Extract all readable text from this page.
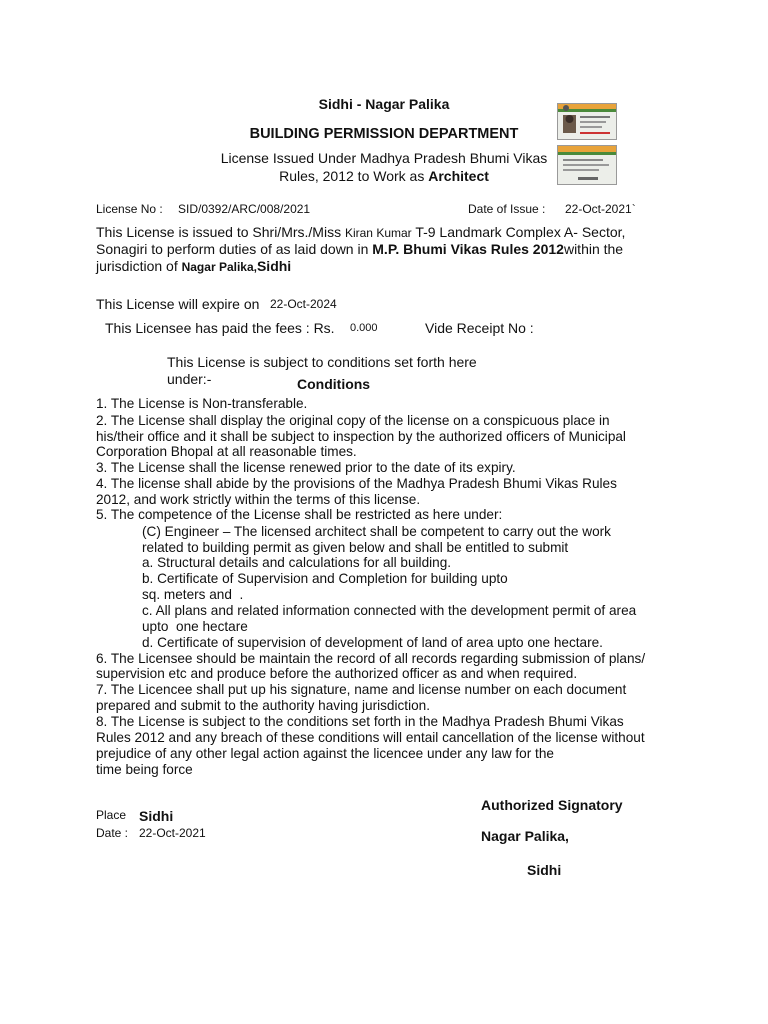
Sidhi - Nagar Palika
BUILDING PERMISSION DEPARTMENT
License Issued Under Madhya Pradesh Bhumi Vikas
Rules, 2012 to Work as Architect
License No : SID/0392/ARC/008/2021	Date of Issue : 22-Oct-2021`
This License is issued to Shri/Mrs./Miss Kiran Kumar T-9 Landmark Complex A- Sector,
Sonagiri to perform duties of as laid down in M.P. Bhumi Vikas Rules 2012within the
jurisdiction of Nagar Palika,Sidhi
This License will expire on 22-Oct-2024
This Licensee has paid the fees : Rs. 0.000	Vide Receipt No :
This License is subject to conditions set forth here
under:-	Conditions
1. The License is Non-transferable.
2. The License shall display the original copy of the license on a conspicuous place in
his/their office and it shall be subject to inspection by the authorized officers of Municipal
Corporation Bhopal at all reasonable times.
3. The License shall the license renewed prior to the date of its expiry.
4. The license shall abide by the provisions of the Madhya Pradesh Bhumi Vikas Rules
2012, and work strictly within the terms of this license.
5. The competence of the License shall be restricted as here under:
(C) Engineer – The licensed architect shall be competent to carry out the work
related to building permit as given below and shall be entitled to submit
a. Structural details and calculations for all building.
b. Certificate of Supervision and Completion for building upto
sq. meters and  .
c. All plans and related information connected with the development permit of area
upto  one hectare
d. Certificate of supervision of development of land of area upto one hectare.
6. The Licensee should be maintain the record of all records regarding submission of plans/
supervision etc and produce before the authorized officer as and when required.
7. The Licencee shall put up his signature, name and license number on each document
prepared and submit to the authority having jurisdiction.
8. The License is subject to the conditions set forth in the Madhya Pradesh Bhumi Vikas
Rules 2012 and any breach of these conditions will entail cancellation of the license without
prejudice of any other legal action against the licencee under any law for the
time being force
Place Sidhi
Date : 22-Oct-2021
Authorized Signatory
Nagar Palika,
Sidhi
